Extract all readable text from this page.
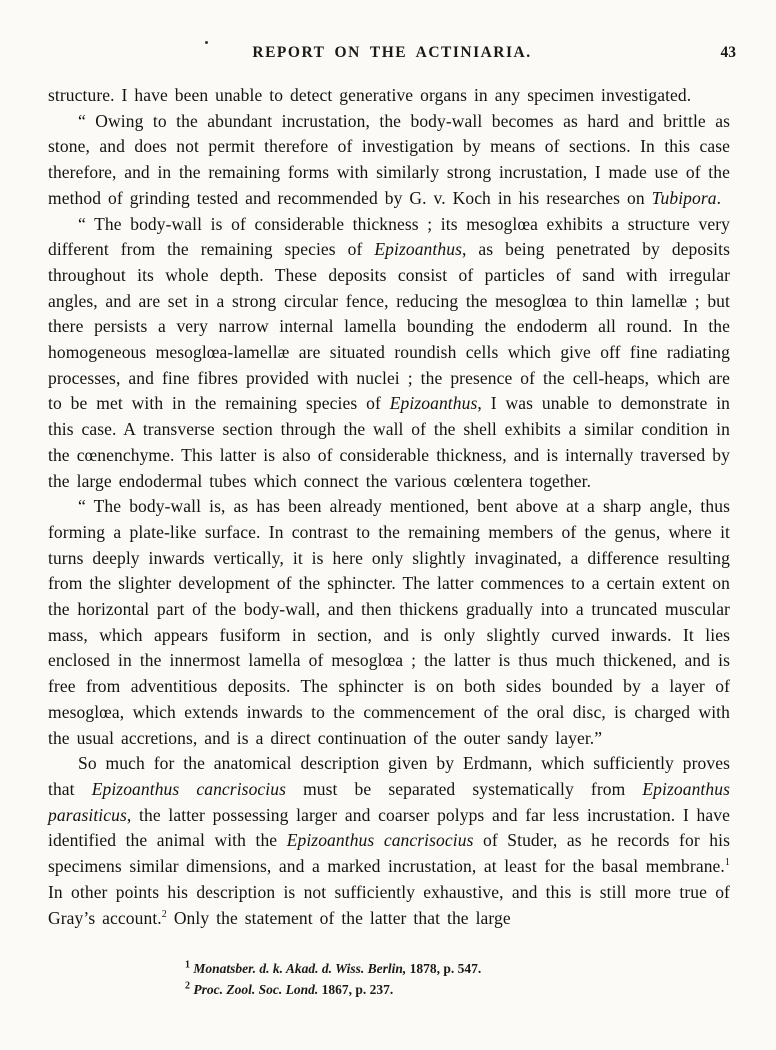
REPORT ON THE ACTINIARIA.	43

structure. I have been unable to detect generative organs in any specimen investigated.

“ Owing to the abundant incrustation, the body-wall becomes as hard and brittle as stone, and does not permit therefore of investigation by means of sections. In this case therefore, and in the remaining forms with similarly strong incrustation, I made use of the method of grinding tested and recommended by G. v. Koch in his researches on Tubipora.

“ The body-wall is of considerable thickness ; its mesoglœa exhibits a structure very different from the remaining species of Epizoanthus, as being penetrated by deposits throughout its whole depth. These deposits consist of particles of sand with irregular angles, and are set in a strong circular fence, reducing the mesoglœa to thin lamellæ ; but there persists a very narrow internal lamella bounding the endoderm all round. In the homogeneous mesoglœa-lamellæ are situated roundish cells which give off fine radiating processes, and fine fibres provided with nuclei ; the presence of the cell-heaps, which are to be met with in the remaining species of Epizoanthus, I was unable to demonstrate in this case. A transverse section through the wall of the shell exhibits a similar condition in the cœnenchyme. This latter is also of considerable thickness, and is internally traversed by the large endodermal tubes which connect the various cœlentera together.

“ The body-wall is, as has been already mentioned, bent above at a sharp angle, thus forming a plate-like surface. In contrast to the remaining members of the genus, where it turns deeply inwards vertically, it is here only slightly invaginated, a difference resulting from the slighter development of the sphincter. The latter commences to a certain extent on the horizontal part of the body-wall, and then thickens gradually into a truncated muscular mass, which appears fusiform in section, and is only slightly curved inwards. It lies enclosed in the innermost lamella of mesoglœa ; the latter is thus much thickened, and is free from adventitious deposits. The sphincter is on both sides bounded by a layer of mesoglœa, which extends inwards to the commencement of the oral disc, is charged with the usual accretions, and is a direct continuation of the outer sandy layer.”

So much for the anatomical description given by Erdmann, which sufficiently proves that Epizoanthus cancrisocius must be separated systematically from Epizoanthus parasiticus, the latter possessing larger and coarser polyps and far less incrustation. I have identified the animal with the Epizoanthus cancrisocius of Studer, as he records for his specimens similar dimensions, and a marked incrustation, at least for the basal membrane.$^1$ In other points his description is not sufficiently exhaustive, and this is still more true of Gray’s account.$^2$ Only the statement of the latter that the large

$^1$ Monatsber. d. k. Akad. d. Wiss. Berlin, 1878, p. 547.
$^2$ Proc. Zool. Soc. Lond. 1867, p. 237.
